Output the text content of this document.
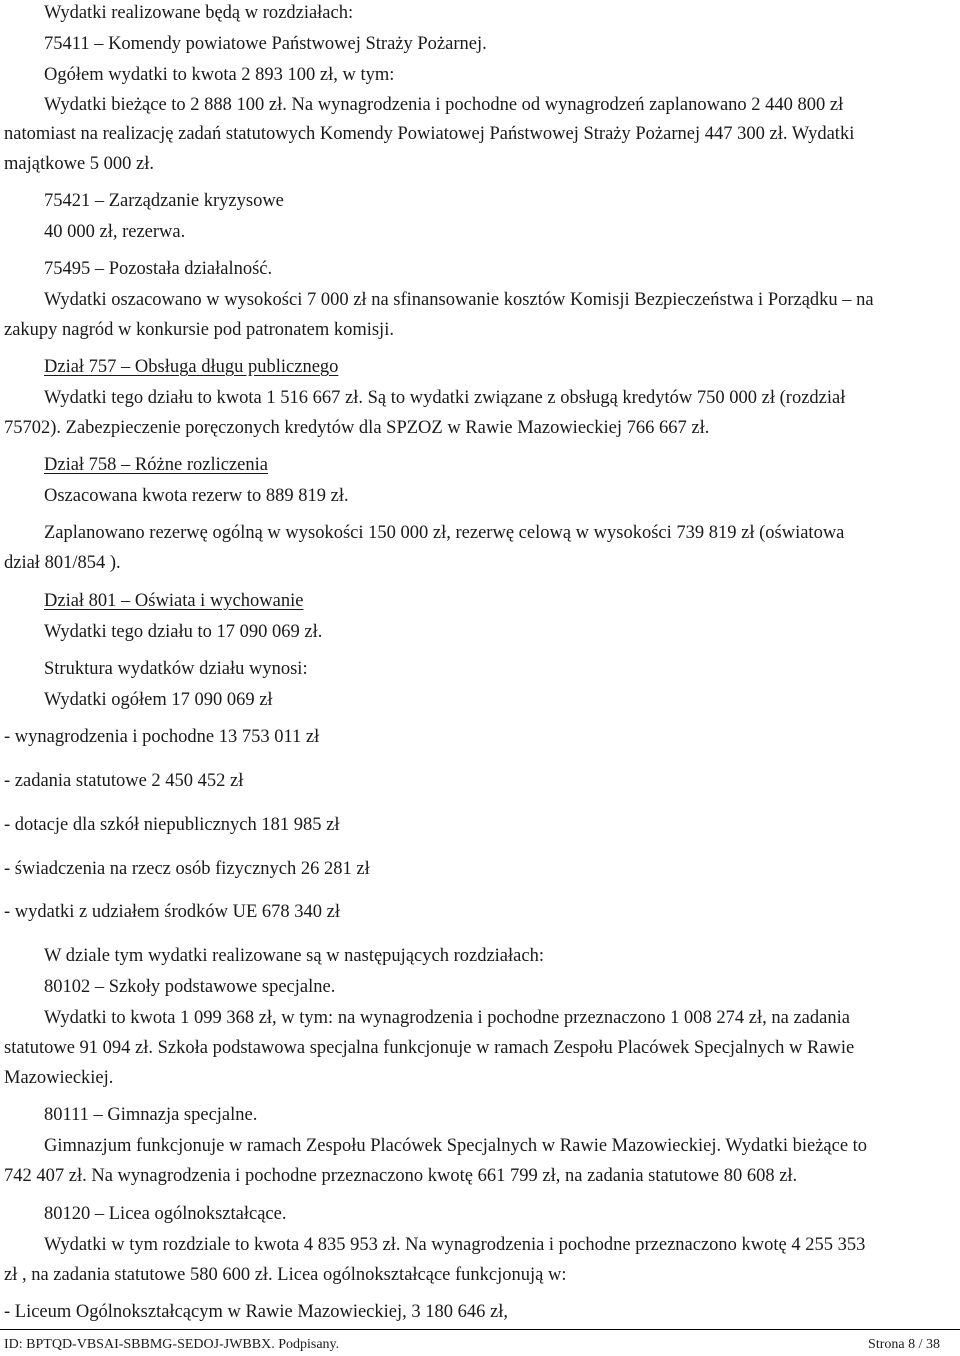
Wydatki realizowane będą w rozdziałach:
75411 – Komendy powiatowe Państwowej Straży Pożarnej.
Ogółem wydatki to kwota 2 893 100 zł, w tym:
Wydatki bieżące to 2 888 100 zł. Na wynagrodzenia i pochodne od wynagrodzeń zaplanowano 2 440 800 zł
natomiast na realizację zadań statutowych Komendy Powiatowej Państwowej Straży Pożarnej 447 300 zł. Wydatki
majątkowe 5 000 zł.
75421 – Zarządzanie kryzysowe
40 000 zł, rezerwa.
75495 – Pozostała działalność.
Wydatki oszacowano w wysokości 7 000 zł na sfinansowanie kosztów Komisji Bezpieczeństwa i Porządku – na
zakupy nagród w konkursie pod patronatem komisji.
Dział 757 – Obsługa długu publicznego
Wydatki tego działu to kwota 1 516 667 zł. Są to wydatki związane z obsługą kredytów 750 000 zł (rozdział
75702). Zabezpieczenie poręczonych kredytów dla SPZOZ w Rawie Mazowieckiej 766 667 zł.
Dział 758 – Różne rozliczenia
Oszacowana kwota rezerw to 889 819 zł.
Zaplanowano rezerwę ogólną w wysokości 150 000 zł, rezerwę celową w wysokości 739 819 zł (oświatowa
dział 801/854 ).
Dział 801 – Oświata i wychowanie
Wydatki tego działu to 17 090 069 zł.
Struktura wydatków działu wynosi:
Wydatki ogółem 17 090 069 zł
- wynagrodzenia i pochodne 13 753 011 zł
- zadania statutowe 2 450 452 zł
- dotacje dla szkół niepublicznych 181 985 zł
- świadczenia na rzecz osób fizycznych 26 281 zł
- wydatki z udziałem środków UE 678 340 zł
W dziale tym wydatki realizowane są w następujących rozdziałach:
80102 – Szkoły podstawowe specjalne.
Wydatki to kwota 1 099 368 zł, w tym: na wynagrodzenia i pochodne przeznaczono 1 008 274 zł, na zadania
statutowe 91 094 zł. Szkoła podstawowa specjalna funkcjonuje w ramach Zespołu Placówek Specjalnych w Rawie
Mazowieckiej.
80111 – Gimnazja specjalne.
Gimnazjum funkcjonuje w ramach Zespołu Placówek Specjalnych w Rawie Mazowieckiej. Wydatki bieżące to
742 407 zł. Na wynagrodzenia i pochodne przeznaczono kwotę 661 799 zł, na zadania statutowe 80 608 zł.
80120 – Licea ogólnokształcące.
Wydatki w tym rozdziale to kwota 4 835 953 zł. Na wynagrodzenia i pochodne przeznaczono kwotę 4 255 353
zł , na zadania statutowe 580 600 zł. Licea ogólnokształcące funkcjonują w:
- Liceum Ogólnokształcącym w Rawie Mazowieckiej, 3 180 646 zł,
ID: BPTQD-VBSAI-SBBMG-SEDOJ-JWBBX. Podpisany.	Strona 8 / 38
